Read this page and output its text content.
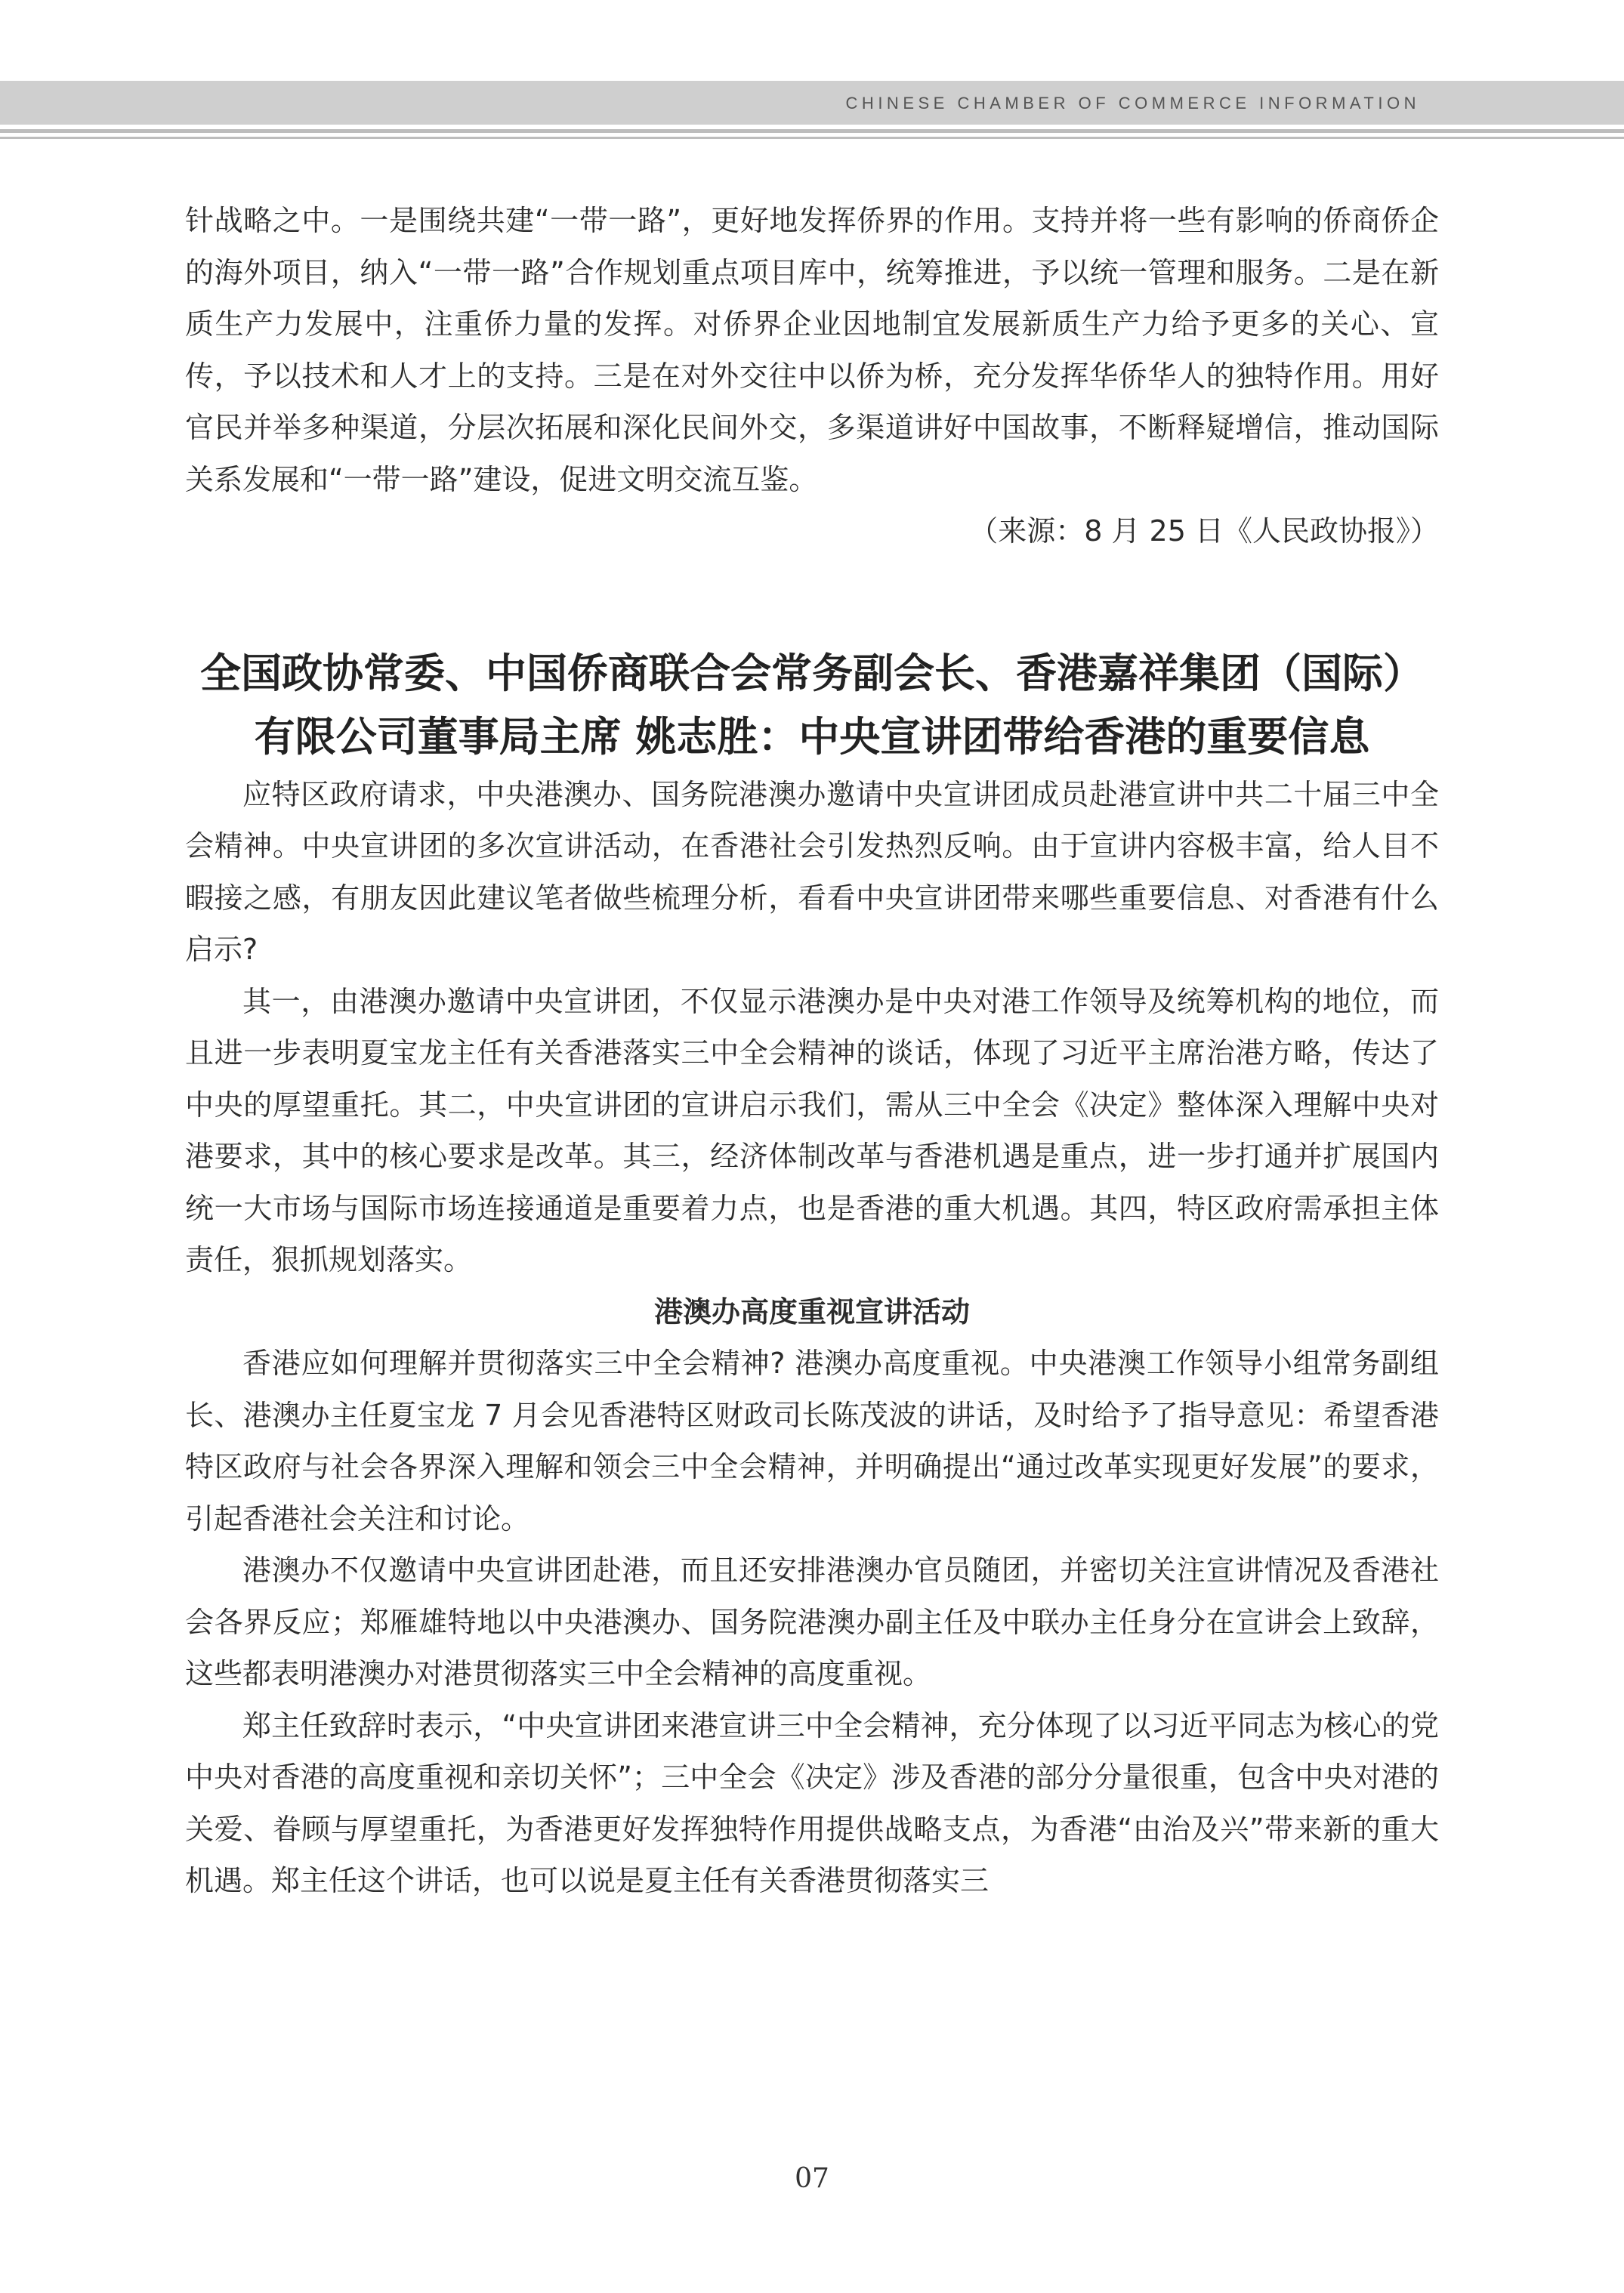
CHINESE CHAMBER OF COMMERCE INFORMATION

针战略之中。一是围绕共建“一带一路”，更好地发挥侨界的作用。支持并将一些有影响的侨商侨企的海外项目，纳入“一带一路”合作规划重点项目库中，统筹推进，予以统一管理和服务。二是在新质生产力发展中，注重侨力量的发挥。对侨界企业因地制宜发展新质生产力给予更多的关心、宣传，予以技术和人才上的支持。三是在对外交往中以侨为桥，充分发挥华侨华人的独特作用。用好官民并举多种渠道，分层次拓展和深化民间外交，多渠道讲好中国故事，不断释疑增信，推动国际关系发展和“一带一路”建设，促进文明交流互鉴。

（来源：8 月 25 日《人民政协报》）

全国政协常委、中国侨商联合会常务副会长、香港嘉祥集团（国际）
有限公司董事局主席 姚志胜：中央宣讲团带给香港的重要信息

应特区政府请求，中央港澳办、国务院港澳办邀请中央宣讲团成员赴港宣讲中共二十届三中全会精神。中央宣讲团的多次宣讲活动，在香港社会引发热烈反响。由于宣讲内容极丰富，给人目不暇接之感，有朋友因此建议笔者做些梳理分析，看看中央宣讲团带来哪些重要信息、对香港有什么启示?

其一，由港澳办邀请中央宣讲团，不仅显示港澳办是中央对港工作领导及统筹机构的地位，而且进一步表明夏宝龙主任有关香港落实三中全会精神的谈话，体现了习近平主席治港方略，传达了中央的厚望重托。其二，中央宣讲团的宣讲启示我们，需从三中全会《决定》整体深入理解中央对港要求，其中的核心要求是改革。其三，经济体制改革与香港机遇是重点，进一步打通并扩展国内统一大市场与国际市场连接通道是重要着力点，也是香港的重大机遇。其四，特区政府需承担主体责任，狠抓规划落实。

港澳办高度重视宣讲活动

香港应如何理解并贯彻落实三中全会精神? 港澳办高度重视。中央港澳工作领导小组常务副组长、港澳办主任夏宝龙 7 月会见香港特区财政司长陈茂波的讲话，及时给予了指导意见：希望香港特区政府与社会各界深入理解和领会三中全会精神，并明确提出“通过改革实现更好发展”的要求，引起香港社会关注和讨论。

港澳办不仅邀请中央宣讲团赴港，而且还安排港澳办官员随团，并密切关注宣讲情况及香港社会各界反应；郑雁雄特地以中央港澳办、国务院港澳办副主任及中联办主任身分在宣讲会上致辞，这些都表明港澳办对港贯彻落实三中全会精神的高度重视。

郑主任致辞时表示，“中央宣讲团来港宣讲三中全会精神，充分体现了以习近平同志为核心的党中央对香港的高度重视和亲切关怀”；三中全会《决定》涉及香港的部分分量很重，包含中央对港的关爱、眷顾与厚望重托，为香港更好发挥独特作用提供战略支点，为香港“由治及兴”带来新的重大机遇。郑主任这个讲话，也可以说是夏主任有关香港贯彻落实三

07
